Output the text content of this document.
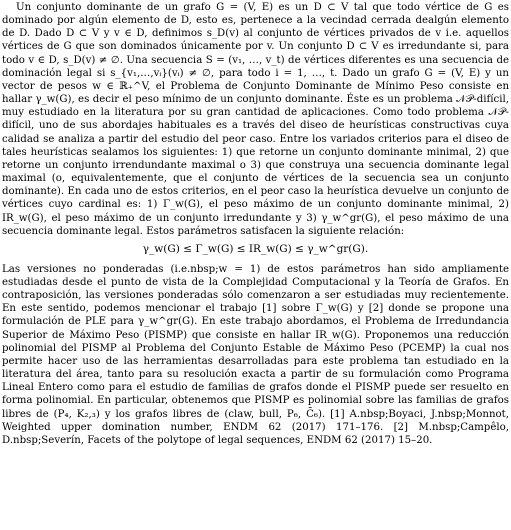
Un conjunto dominante de un grafo G = (V, E) es un D ⊂ V tal que todo vértice de G es dominado por algún elemento de D, esto es, pertenece a la vecindad cerrada dealgún elemento de D. Dado D ⊂ V y v ∈ D, definimos s_D(v) al conjunto de vértices privados de v i.e. aquellos vértices de G que son dominados únicamente por v. Un conjunto D ⊂ V es irredundante si, para todo v ∈ D, s_D(v) ≠ ∅. Una secuencia S = (v₁, …, v_t) de vértices diferentes es una secuencia de dominación legal si s_{v₁,…,vᵢ}(vᵢ) ≠ ∅, para todo i = 1, …, t. Dado un grafo G = (V, E) y un vector de pesos w ∈ ℝ₊^V, el Problema de Conjunto Dominante de Mínimo Peso consiste en hallar γ_w(G), es decir el peso mínimo de un conjunto dominante. Éste es un problema 𝒩𝒫-difícil, muy estudiado en la literatura por su gran cantidad de aplicaciones. Como todo problema 𝒩𝒫-difícil, uno de sus abordajes habituales es a través del diseo de heurísticas constructivas cuya calidad se analiza a partir del estudio del peor caso. Entre los variados criterios para el diseo de tales heurísticas sealamos los siguientes: 1) que retorne un conjunto dominante minimal, 2) que retorne un conjunto irrendundante maximal o 3) que construya una secuencia dominante legal maximal (o, equivalentemente, que el conjunto de vértices de la secuencia sea un conjunto dominante). En cada uno de estos criterios, en el peor caso la heurística devuelve un conjunto de vértices cuyo cardinal es: 1) Γ_w(G), el peso máximo de un conjunto dominante minimal, 2) IR_w(G), el peso máximo de un conjunto irredundante y 3) γ_w^gr(G), el peso máximo de una secuencia dominante legal. Estos parámetros satisfacen la siguiente relación:

γ_w(G) ≤ Γ_w(G) ≤ IR_w(G) ≤ γ_w^gr(G).

Las versiones no ponderadas (i.e.nbsp;w = 1) de estos parámetros han sido ampliamente estudiadas desde el punto de vista de la Complejidad Computacional y la Teoría de Grafos. En contraposición, las versiones ponderadas sólo comenzaron a ser estudiadas muy recientemente. En este sentido, podemos mencionar el trabajo [1] sobre Γ_w(G) y [2] donde se propone una formulación de PLE para γ_w^gr(G). En este trabajo abordamos, el Problema de Irredundancia Superior de Máximo Peso (PISMP) que consiste en hallar IR_w(G). Proponemos una reducción polinomial del PISMP al Problema del Conjunto Estable de Máximo Peso (PCEMP) la cual nos permite hacer uso de las herramientas desarrolladas para este problema tan estudiado en la literatura del área, tanto para su resolución exacta a partir de su formulación como Programa Lineal Entero como para el estudio de familias de grafos donde el PISMP puede ser resuelto en forma polinomial. En particular, obtenemos que PISMP es polinomial sobre las familias de grafos libres de (P₄, K₂,₃) y los grafos libres de (claw, bull, P₆, C̄₆). [1] A.nbsp;Boyaci, J.nbsp;Monnot, Weighted upper domination number, ENDM 62 (2017) 171–176. [2] M.nbsp;Campêlo, D.nbsp;Severín, Facets of the polytope of legal sequences, ENDM 62 (2017) 15–20.
